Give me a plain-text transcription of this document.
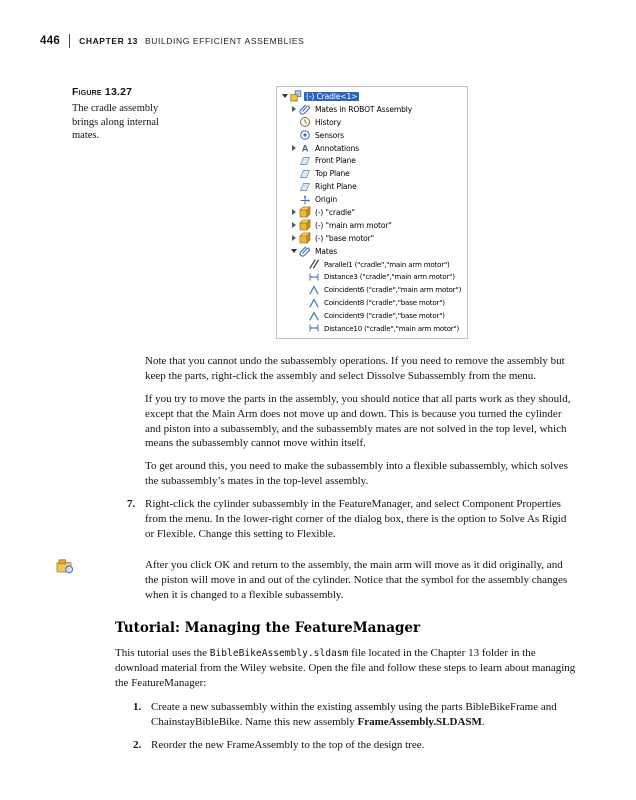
446 CHAPTER 13 BUILDING EFFICIENT ASSEMBLIES
Figure 13.27
The cradle assembly brings along internal mates.
(-) Cradle<1>
Mates in ROBOT Assembly
History
Sensors
A Annotations
Front Plane
Top Plane
Right Plane
Origin
(-) "cradle"
(-) "main arm motor"
(-) "base motor"
Mates
Parallel1 ("cradle","main arm motor")
Distance3 ("cradle","main arm motor")
Coincident6 ("cradle","main arm motor")
Coincident8 ("cradle","base motor")
Coincident9 ("cradle","base motor")
Distance10 ("cradle","main arm motor")

Note that you cannot undo the subassembly operations. If you need to remove the assembly but keep the parts, right-click the assembly and select Dissolve Subassembly from the menu.

If you try to move the parts in the assembly, you should notice that all parts work as they should, except that the Main Arm does not move up and down. This is because you turned the cylinder and piston into a subassembly, and the subassembly mates are not solved in the top level, which means the subassembly cannot move within itself.

To get around this, you need to make the subassembly into a flexible subassembly, which solves the subassembly’s mates in the top-level assembly.

7. Right-click the cylinder subassembly in the FeatureManager, and select Component Properties from the menu. In the lower-right corner of the dialog box, there is the option to Solve As Rigid or Flexible. Change this setting to Flexible.

After you click OK and return to the assembly, the main arm will move as it did originally, and the piston will move in and out of the cylinder. Notice that the symbol for the assembly changes when it is changed to a flexible subassembly.

Tutorial: Managing the FeatureManager

This tutorial uses the BibleBikeAssembly.sldasm file located in the Chapter 13 folder in the download material from the Wiley website. Open the file and follow these steps to learn about managing the FeatureManager:

1. Create a new subassembly within the existing assembly using the parts BibleBikeFrame and ChainstayBibleBike. Name this new assembly FrameAssembly.SLDASM.

2. Reorder the new FrameAssembly to the top of the design tree.
